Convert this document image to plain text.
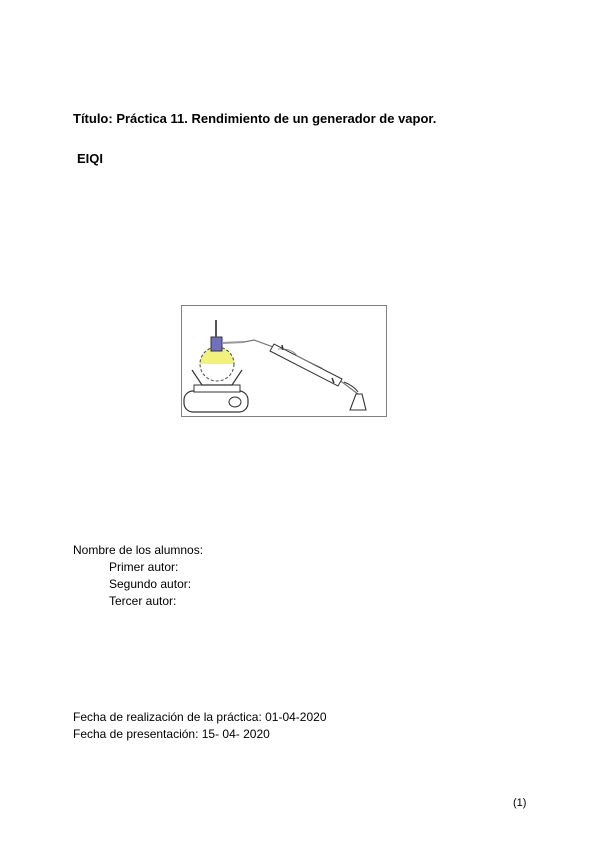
Título: Práctica 11. Rendimiento de un generador de vapor.
EIQI
Nombre de los alumnos:
Primer autor:
Segundo autor:
Tercer autor:
Fecha de realización de la práctica: 01-04-2020
Fecha de presentación: 15- 04- 2020
(1)
